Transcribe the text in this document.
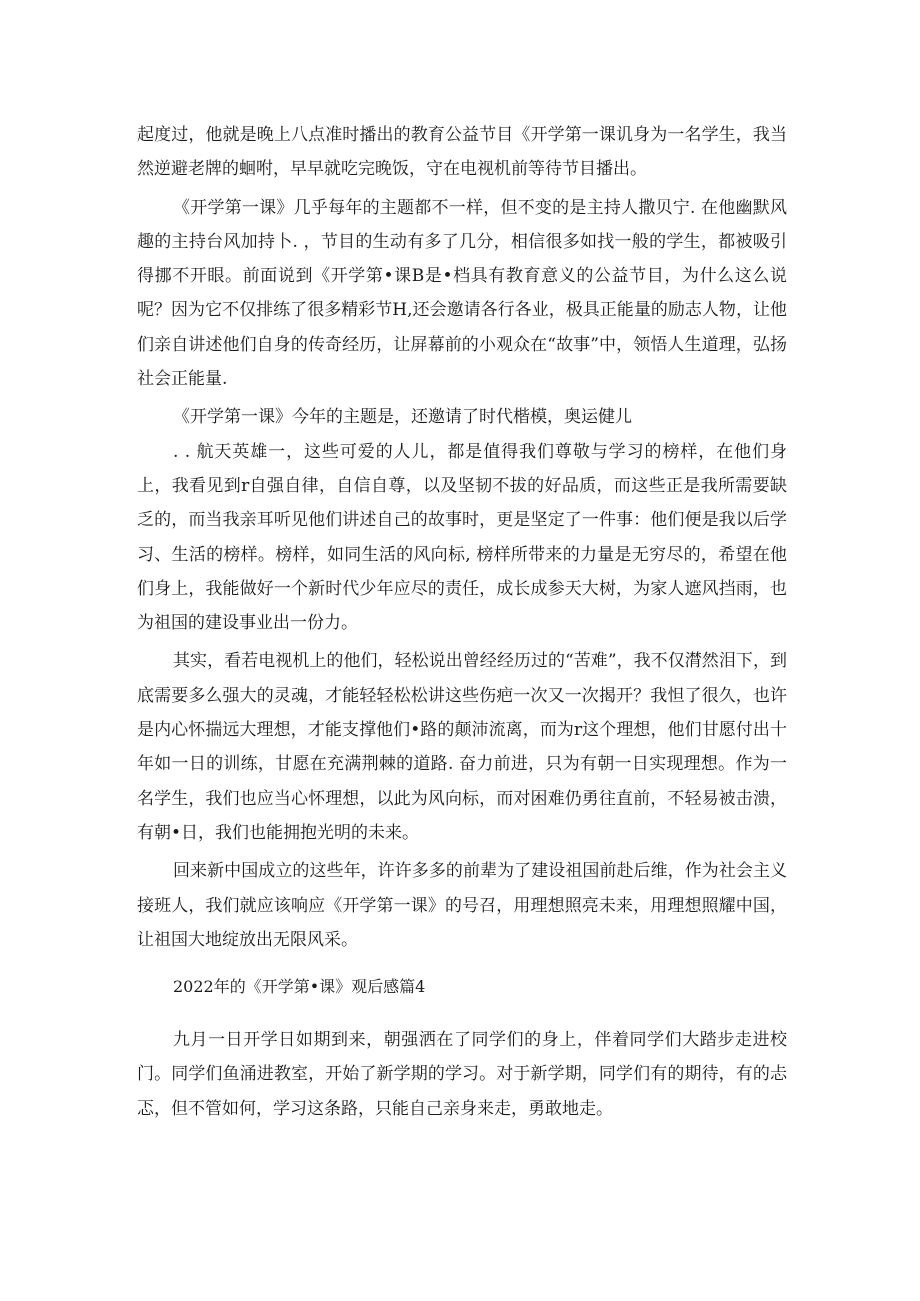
起度过，他就是晚上八点准时播出的教育公益节目《开学第一课讥身为一名学生，我当然逆避老牌的蛔咐，早早就吃完晚饭，守在电视机前等待节目播出。

《开学第一课》几乎每年的主题都不一样，但不变的是主持人撒贝宁. 在他幽默风趣的主持台风加持卜. ，节目的生动有多了几分，相信很多如找一般的学生，都被吸引得挪不开眼。前面说到《开学第•课B是•档具有教育意义的公益节目，为什么这么说呢？因为它不仅排练了很多精彩节H,还会邀请各行各业，极具正能量的励志人物，让他们亲自讲述他们自身的传奇经历，让屏幕前的小观众在“故事”中，领悟人生道理，弘扬社会正能量.

《开学第一课》今年的主题是，还邀请了时代楷模，奥运健儿

. . 航天英雄一，这些可爱的人儿，都是值得我们尊敬与学习的榜样，在他们身上，我看见到r自强自律，自信自尊，以及坚韧不拔的好品质，而这些正是我所需要缺乏的，而当我亲耳听见他们讲述自己的故事时，更是坚定了一件事：他们便是我以后学习、生活的榜样。榜样，如同生活的风向标, 榜样所带来的力量是无穷尽的，希望在他们身上，我能做好一个新时代少年应尽的责任，成长成参天大树，为家人遮风挡雨，也为祖国的建设事业出一份力。

其实，看若电视机上的他们，轻松说出曾经经历过的“苦难”，我不仅潸然泪下，到底需要多么强大的灵魂，才能轻轻松松讲这些伤疤一次又一次揭开？我怛了很久，也许是内心怀揣远大理想，才能支撑他们•路的颠沛流离，而为r这个理想，他们甘愿付出十年如一日的训练，甘愿在充满荆棘的道路. 奋力前进，只为有朝一日实现理想。作为一名学生，我们也应当心怀理想，以此为风向标，而对困难仍勇往直前，不轻易被击溃，有朝•日，我们也能拥抱光明的未来。

回来新中国成立的这些年，许许多多的前辈为了建设祖国前赴后维，作为社会主义接班人，我们就应该响应《开学第一课》的号召，用理想照亮未来，用理想照耀中国，让祖国大地绽放出无限风采。

2022年的《开学第•课》观后感篇4

九月一日开学日如期到来，朝强洒在了同学们的身上，伴着同学们大踏步走进校门。同学们鱼涌进教室，开始了新学期的学习。对于新学期，同学们有的期待，有的忐忑，但不管如何，学习这条路，只能自己亲身来走，勇敢地走。
